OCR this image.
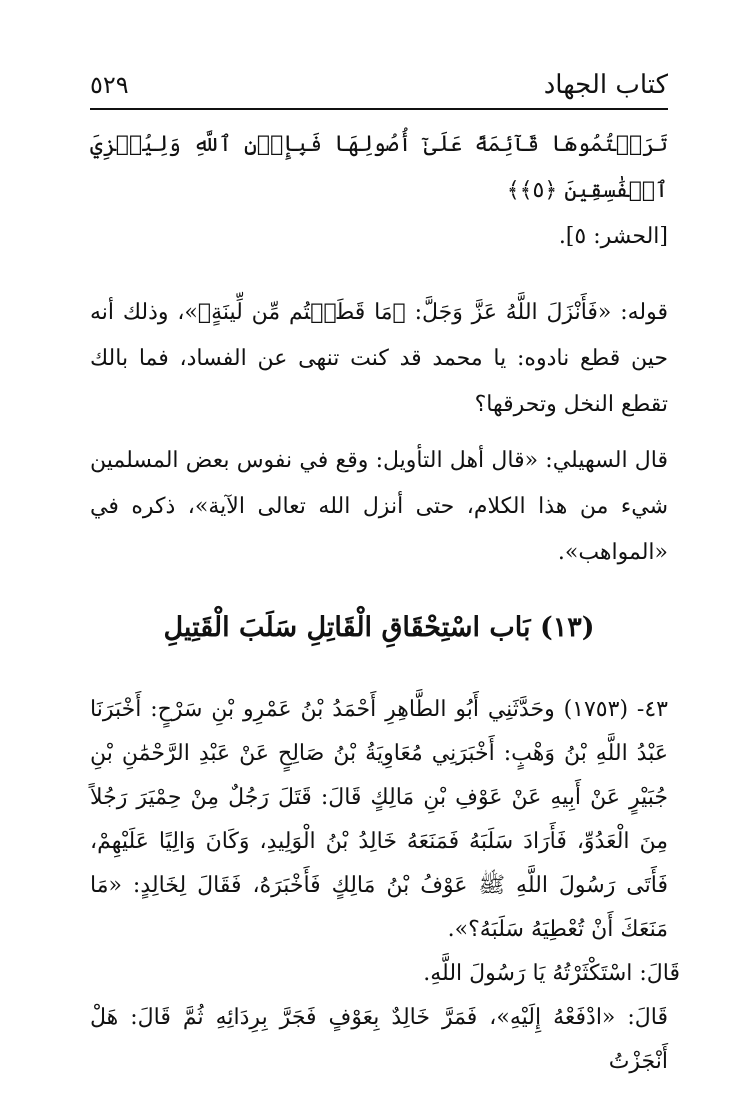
كتاب الجهاد
٥٢٩

تَرَكۡتُمُوهَا قَآئِمَةً عَلَىٰٓ أُصُولِهَا فَبِإِذۡنِ ٱللَّهِ وَلِيُخۡزِيَ ٱلۡفَٰسِقِينَ ﴿٥﴾﴾

[الحشر: ٥].

قوله: «فَأَنْزَلَ اللَّهُ عَزَّ وَجَلَّ: ﴿مَا قَطَعۡتُم مِّن لِّينَةٍ﴾»، وذلك أنه حين قطع نادوه: يا محمد قد كنت تنهى عن الفساد، فما بالك تقطع النخل وتحرقها؟

قال السهيلي: «قال أهل التأويل: وقع في نفوس بعض المسلمين شيء من هذا الكلام، حتى أنزل الله تعالى الآية»، ذكره في «المواهب».

(١٣) بَاب اسْتِحْقَاقِ الْقَاتِلِ سَلَبَ الْقَتِيلِ

٤٣- (١٧٥٣) وحَدَّثَنِي أَبُو الطَّاهِرِ أَحْمَدُ بْنُ عَمْرِو بْنِ سَرْحٍ: أَخْبَرَنَا عَبْدُ اللَّهِ بْنُ وَهْبٍ: أَخْبَرَنِي مُعَاوِيَةُ بْنُ صَالِحٍ عَنْ عَبْدِ الرَّحْمَٰنِ بْنِ جُبَيْرٍ عَنْ أَبِيهِ عَنْ عَوْفِ بْنِ مَالِكٍ قَالَ: قَتَلَ رَجُلٌ مِنْ حِمْيَرَ رَجُلاً مِنَ الْعَدُوِّ، فَأَرَادَ سَلَبَهُ فَمَنَعَهُ خَالِدُ بْنُ الْوَلِيدِ، وَكَانَ وَالِيًا عَلَيْهِمْ، فَأَتَى رَسُولَ اللَّهِ ﷺ عَوْفُ بْنُ مَالِكٍ فَأَخْبَرَهُ، فَقَالَ لِخَالِدٍ: «مَا مَنَعَكَ أَنْ تُعْطِيَهُ سَلَبَهُ؟».

قَالَ: اسْتَكْثَرْتُهُ يَا رَسُولَ اللَّهِ.

قَالَ: «ادْفَعْهُ إِلَيْهِ»، فَمَرَّ خَالِدٌ بِعَوْفٍ فَجَرَّ بِرِدَائِهِ ثُمَّ قَالَ: هَلْ أَنْجَزْتُ
